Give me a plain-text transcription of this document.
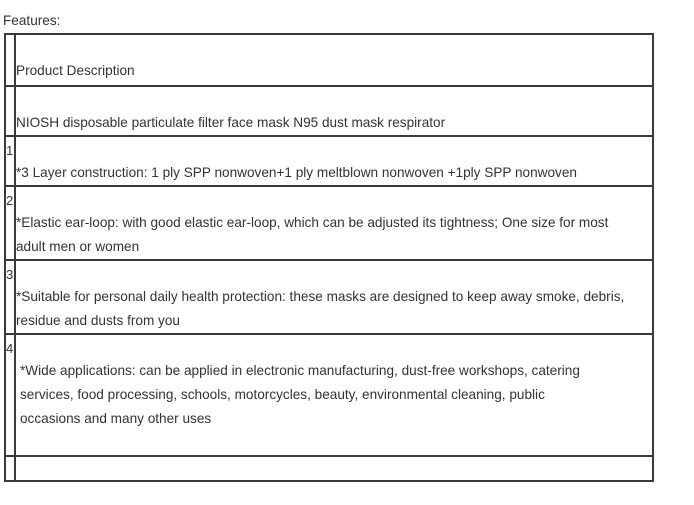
Features:
Product Description
NIOSH disposable particulate filter face mask N95 dust mask respirator
1
*3 Layer construction: 1 ply SPP nonwoven+1 ply meltblown nonwoven +1ply SPP nonwoven
2
*Elastic ear-loop: with good elastic ear-loop, which can be adjusted its tightness; One size for most
adult men or women
3
*Suitable for personal daily health protection: these masks are designed to keep away smoke, debris,
residue and dusts from you
4
*Wide applications: can be applied in electronic manufacturing, dust-free workshops, catering
services, food processing, schools, motorcycles, beauty, environmental cleaning, public
occasions and many other uses
